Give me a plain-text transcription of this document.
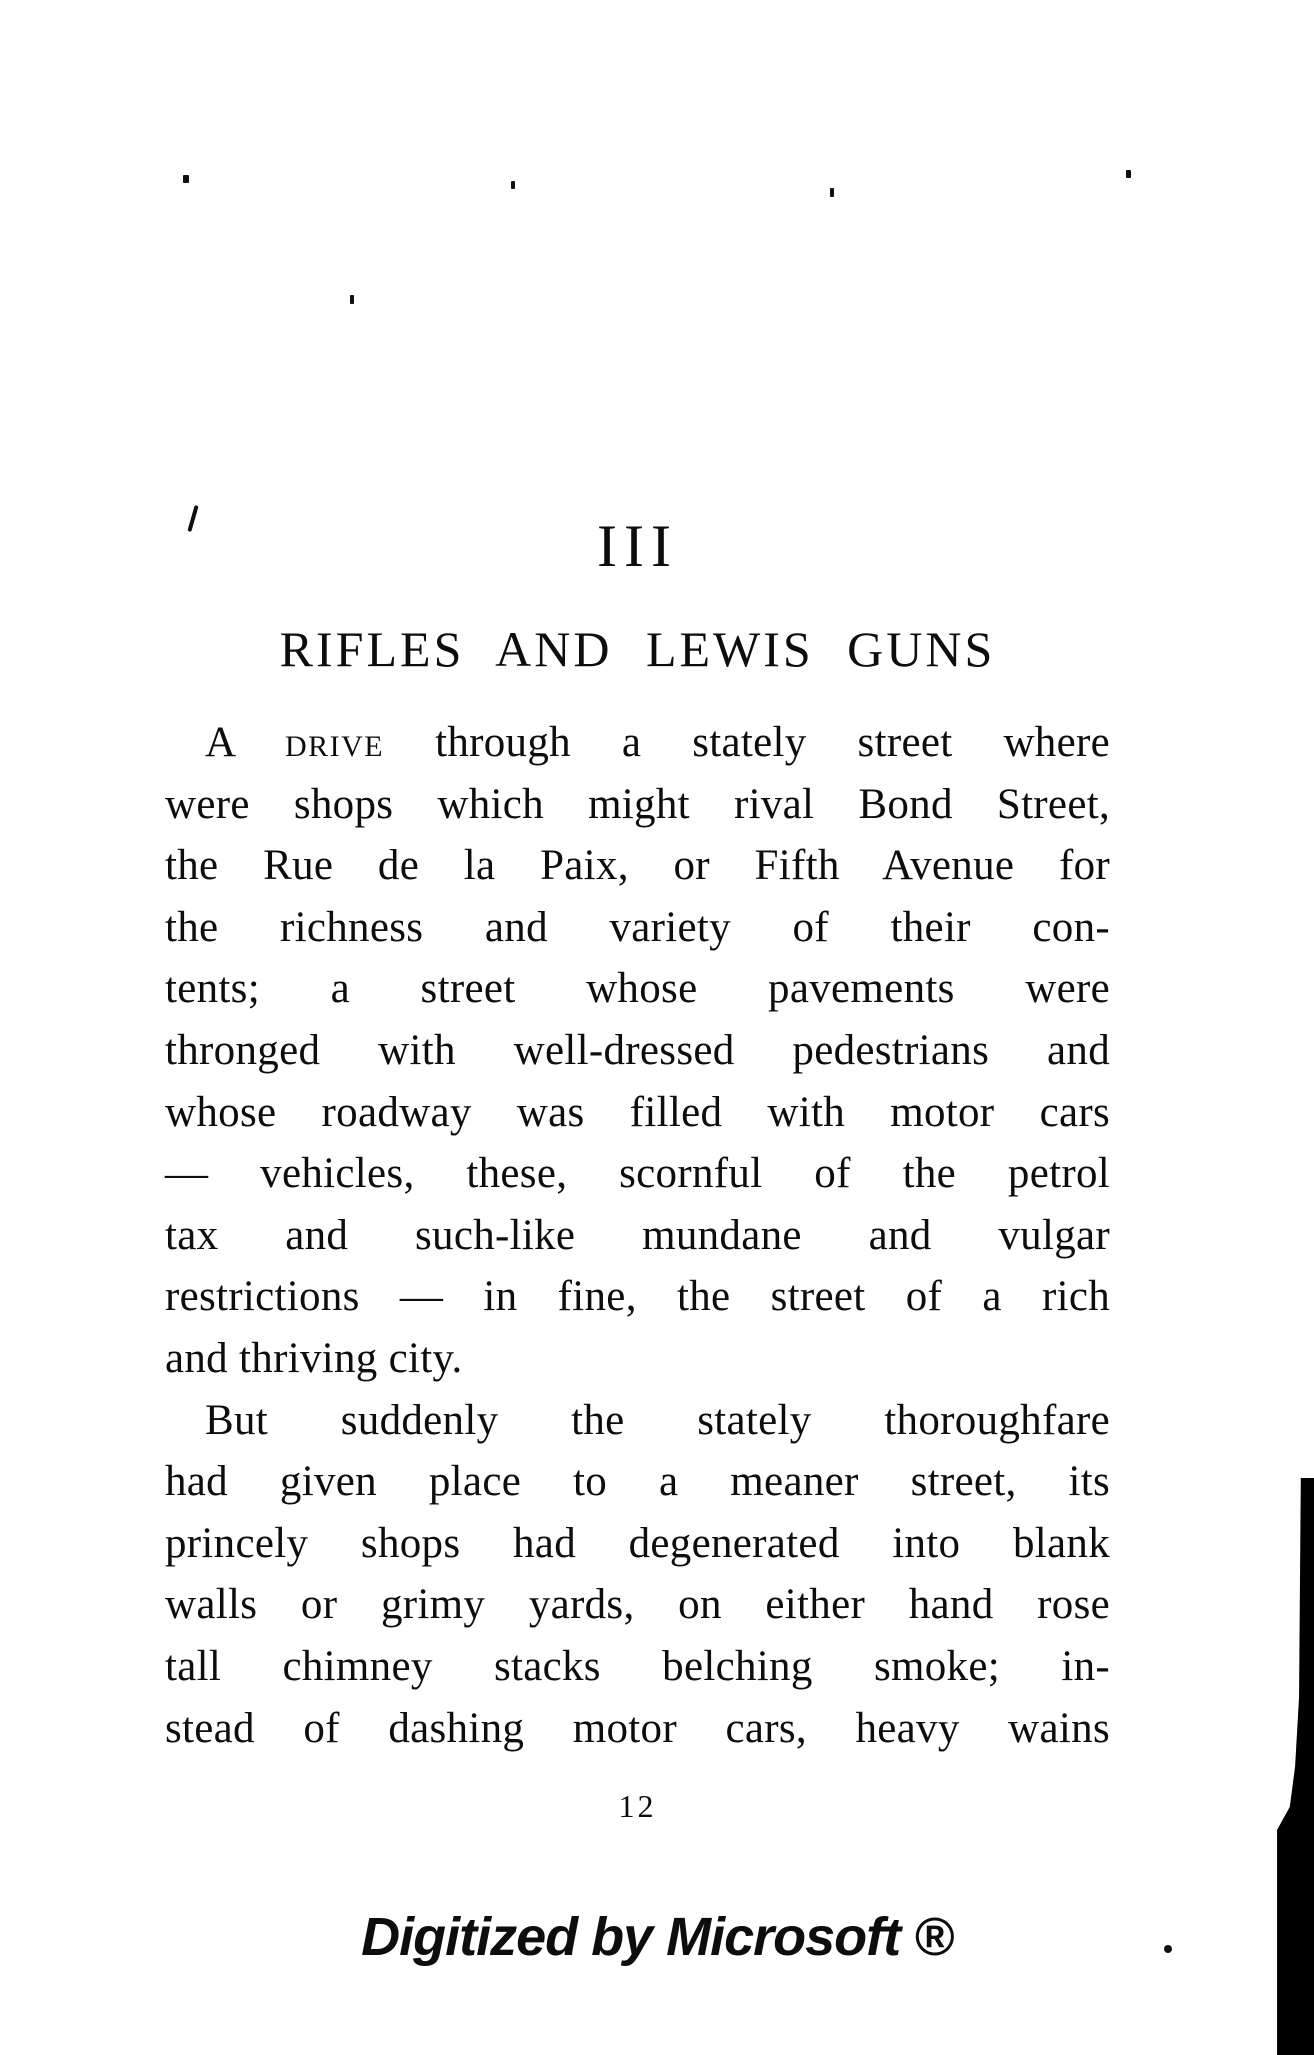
III
RIFLES AND LEWIS GUNS
A drive through a stately street where
were shops which might rival Bond Street,
the Rue de la Paix, or Fifth Avenue for
the richness and variety of their con-
tents; a street whose pavements were
thronged with well-dressed pedestrians and
whose roadway was filled with motor cars
— vehicles, these, scornful of the petrol
tax and such-like mundane and vulgar
restrictions — in fine, the street of a rich
and thriving city.
But suddenly the stately thoroughfare
had given place to a meaner street, its
princely shops had degenerated into blank
walls or grimy yards, on either hand rose
tall chimney stacks belching smoke; in-
stead of dashing motor cars, heavy wains
12
Digitized by Microsoft ®
